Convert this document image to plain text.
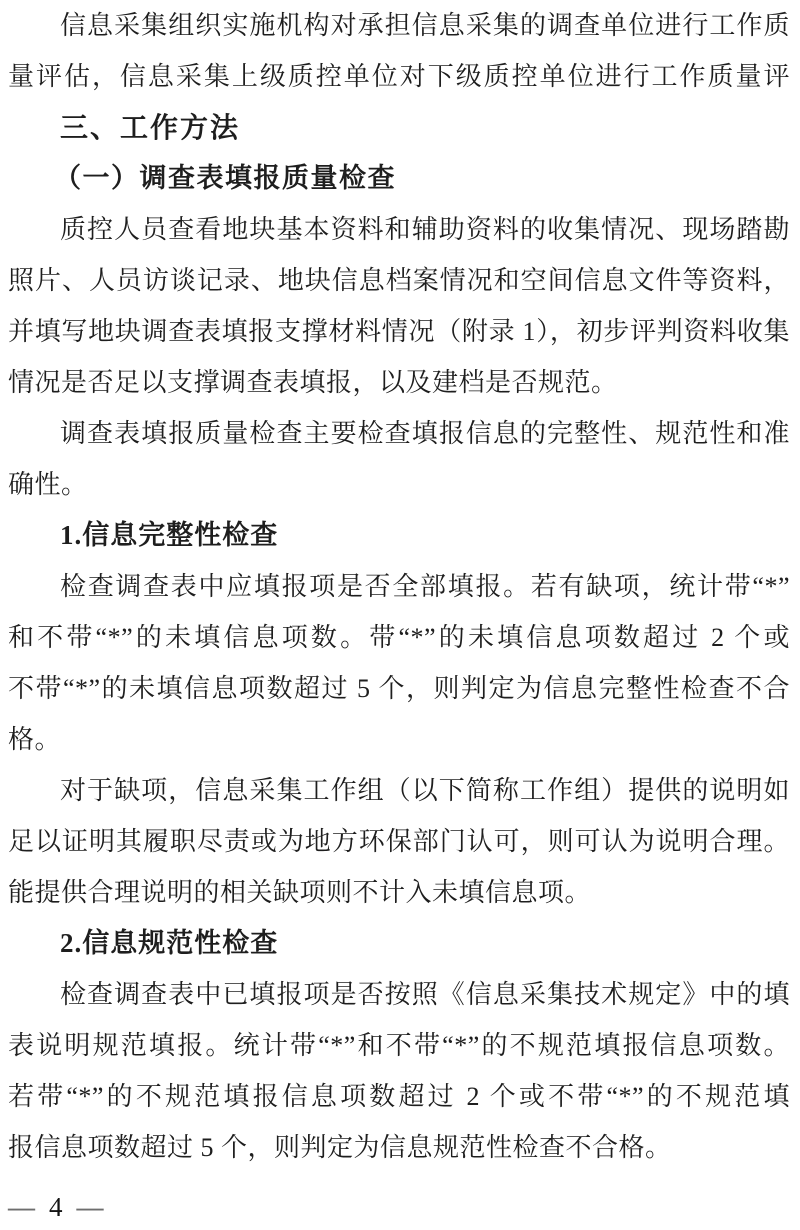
信息采集组织实施机构对承担信息采集的调查单位进行工作质
量评估，信息采集上级质控单位对下级质控单位进行工作质量评
三、工作方法
（一）调查表填报质量检查
质控人员查看地块基本资料和辅助资料的收集情况、现场踏勘
照片、人员访谈记录、地块信息档案情况和空间信息文件等资料，
并填写地块调查表填报支撑材料情况（附录 1），初步评判资料收集
情况是否足以支撑调查表填报，以及建档是否规范。
调查表填报质量检查主要检查填报信息的完整性、规范性和准
确性。
1.信息完整性检查
检查调查表中应填报项是否全部填报。若有缺项，统计带“*”
和不带“*”的未填信息项数。带“*”的未填信息项数超过 2 个或
不带“*”的未填信息项数超过 5 个，则判定为信息完整性检查不合
格。
对于缺项，信息采集工作组（以下简称工作组）提供的说明如
足以证明其履职尽责或为地方环保部门认可，则可认为说明合理。
能提供合理说明的相关缺项则不计入未填信息项。
2.信息规范性检查
检查调查表中已填报项是否按照《信息采集技术规定》中的填
表说明规范填报。统计带“*”和不带“*”的不规范填报信息项数。
若带“*”的不规范填报信息项数超过 2 个或不带“*”的不规范填
报信息项数超过 5 个，则判定为信息规范性检查不合格。
— 4 —
